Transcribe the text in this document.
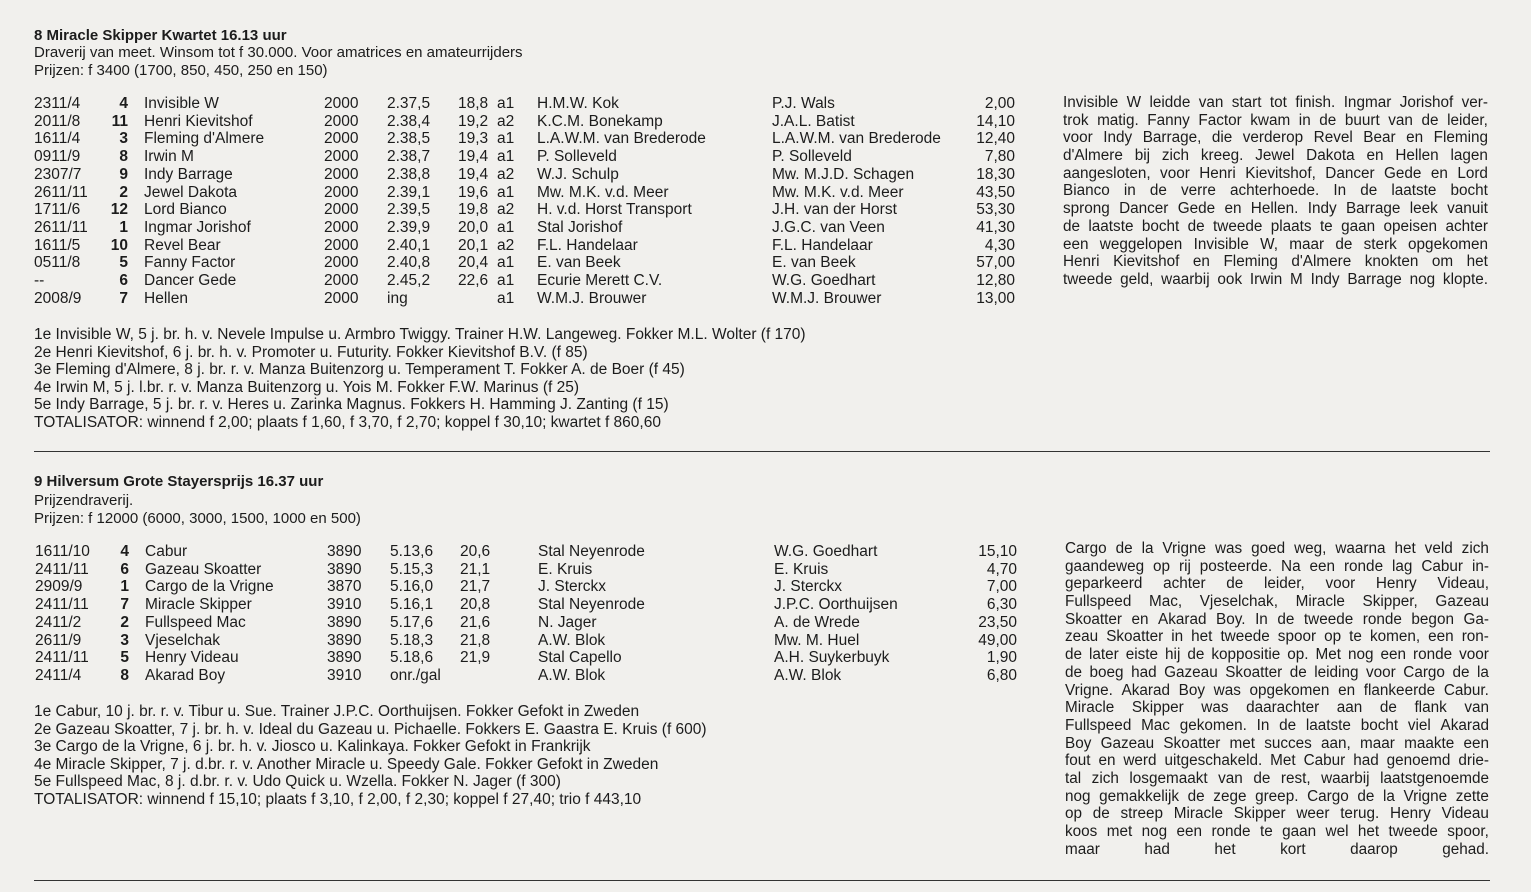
8 Miracle Skipper Kwartet 16.13 uur
Draverij van meet. Winsom tot f 30.000. Voor amatrices en amateurrijders
Prijzen: f 3400 (1700, 850, 450, 250 en 150)
2311/4	4 Invisible W	2000 2.37,5 18,8 a1 H.M.W. Kok	P.J. Wals	2,00
2011/8	11 Henri Kievitshof	2000 2.38,4 19,2 a2 K.C.M. Bonekamp	J.A.L. Batist	14,10
1611/4	3 Fleming d'Almere	2000 2.38,5 19,3 a1 L.A.W.M. van Brederode	L.A.W.M. van Brederode	12,40
0911/9	8 Irwin M	2000 2.38,7 19,4 a1 P. Solleveld	P. Solleveld	7,80
2307/7	9 Indy Barrage	2000 2.38,8 19,4 a2 W.J. Schulp	Mw. M.J.D. Schagen	18,30
2611/11	2 Jewel Dakota	2000 2.39,1 19,6 a1 Mw. M.K. v.d. Meer	Mw. M.K. v.d. Meer	43,50
1711/6	12 Lord Bianco	2000 2.39,5 19,8 a2 H. v.d. Horst Transport	J.H. van der Horst	53,30
2611/11	1 Ingmar Jorishof	2000 2.39,9 20,0 a1 Stal Jorishof	J.G.C. van Veen	41,30
1611/5	10 Revel Bear	2000 2.40,1 20,1 a2 F.L. Handelaar	F.L. Handelaar	4,30
0511/8	5 Fanny Factor	2000 2.40,8 20,4 a1 E. van Beek	E. van Beek	57,00
--	6 Dancer Gede	2000 2.45,2 22,6 a1 Ecurie Merett C.V.	W.G. Goedhart	12,80
2008/9	7 Hellen	2000 ing	a1 W.M.J. Brouwer	W.M.J. Brouwer	13,00
1e Invisible W, 5 j. br. h. v. Nevele Impulse u. Armbro Twiggy. Trainer H.W. Langeweg. Fokker M.L. Wolter (f 170)
2e Henri Kievitshof, 6 j. br. h. v. Promoter u. Futurity. Fokker Kievitshof B.V. (f 85)
3e Fleming d'Almere, 8 j. br. r. v. Manza Buitenzorg u. Temperament T. Fokker A. de Boer (f 45)
4e Irwin M, 5 j. l.br. r. v. Manza Buitenzorg u. Yois M. Fokker F.W. Marinus (f 25)
5e Indy Barrage, 5 j. br. r. v. Heres u. Zarinka Magnus. Fokkers H. Hamming J. Zanting (f 15)
TOTALISATOR: winnend f 2,00; plaats f 1,60, f 3,70, f 2,70; koppel f 30,10; kwartet f 860,60
Invisible W leidde van start tot finish. Ingmar Jorishof ver-
trok matig. Fanny Factor kwam in de buurt van de leider,
voor Indy Barrage, die verderop Revel Bear en Fleming
d'Almere bij zich kreeg. Jewel Dakota en Hellen lagen
aangesloten, voor Henri Kievitshof, Dancer Gede en Lord
Bianco in de verre achterhoede. In de laatste bocht
sprong Dancer Gede en Hellen. Indy Barrage leek vanuit
de laatste bocht de tweede plaats te gaan opeisen achter
een weggelopen Invisible W, maar de sterk opgekomen
Henri Kievitshof en Fleming d'Almere knokten om het
tweede geld, waarbij ook Irwin M Indy Barrage nog klopte.
9 Hilversum Grote Stayersprijs 16.37 uur
Prijzendraverij.
Prijzen: f 12000 (6000, 3000, 1500, 1000 en 500)
1611/10	4 Cabur	3890 5.13,6 20,6	Stal Neyenrode	W.G. Goedhart	15,10
2411/11	6 Gazeau Skoatter	3890 5.15,3 21,1	E. Kruis	E. Kruis	4,70
2909/9	1 Cargo de la Vrigne	3870 5.16,0 21,7	J. Sterckx	J. Sterckx	7,00
2411/11	7 Miracle Skipper	3910 5.16,1 20,8	Stal Neyenrode	J.P.C. Oorthuijsen	6,30
2411/2	2 Fullspeed Mac	3890 5.17,6 21,6	N. Jager	A. de Wrede	23,50
2611/9	3 Vjeselchak	3890 5.18,3 21,8	A.W. Blok	Mw. M. Huel	49,00
2411/11	5 Henry Videau	3890 5.18,6 21,9	Stal Capello	A.H. Suykerbuyk	1,90
2411/4	8 Akarad Boy	3910 onr./gal	A.W. Blok	A.W. Blok	6,80
1e Cabur, 10 j. br. r. v. Tibur u. Sue. Trainer J.P.C. Oorthuijsen. Fokker Gefokt in Zweden
2e Gazeau Skoatter, 7 j. br. h. v. Ideal du Gazeau u. Pichaelle. Fokkers E. Gaastra E. Kruis (f 600)
3e Cargo de la Vrigne, 6 j. br. h. v. Jiosco u. Kalinkaya. Fokker Gefokt in Frankrijk
4e Miracle Skipper, 7 j. d.br. r. v. Another Miracle u. Speedy Gale. Fokker Gefokt in Zweden
5e Fullspeed Mac, 8 j. d.br. r. v. Udo Quick u. Wzella. Fokker N. Jager (f 300)
TOTALISATOR: winnend f 15,10; plaats f 3,10, f 2,00, f 2,30; koppel f 27,40; trio f 443,10
Cargo de la Vrigne was goed weg, waarna het veld zich
gaandeweg op rij posteerde. Na een ronde lag Cabur in-
geparkeerd achter de leider, voor Henry Videau,
Fullspeed Mac, Vjeselchak, Miracle Skipper, Gazeau
Skoatter en Akarad Boy. In de tweede ronde begon Ga-
zeau Skoatter in het tweede spoor op te komen, een ron-
de later eiste hij de koppositie op. Met nog een ronde voor
de boeg had Gazeau Skoatter de leiding voor Cargo de la
Vrigne. Akarad Boy was opgekomen en flankeerde Cabur.
Miracle Skipper was daarachter aan de flank van
Fullspeed Mac gekomen. In de laatste bocht viel Akarad
Boy Gazeau Skoatter met succes aan, maar maakte een
fout en werd uitgeschakeld. Met Cabur had genoemd drie-
tal zich losgemaakt van de rest, waarbij laatstgenoemde
nog gemakkelijk de zege greep. Cargo de la Vrigne zette
op de streep Miracle Skipper weer terug. Henry Videau
koos met nog een ronde te gaan wel het tweede spoor,
maar had het kort daarop gehad.
